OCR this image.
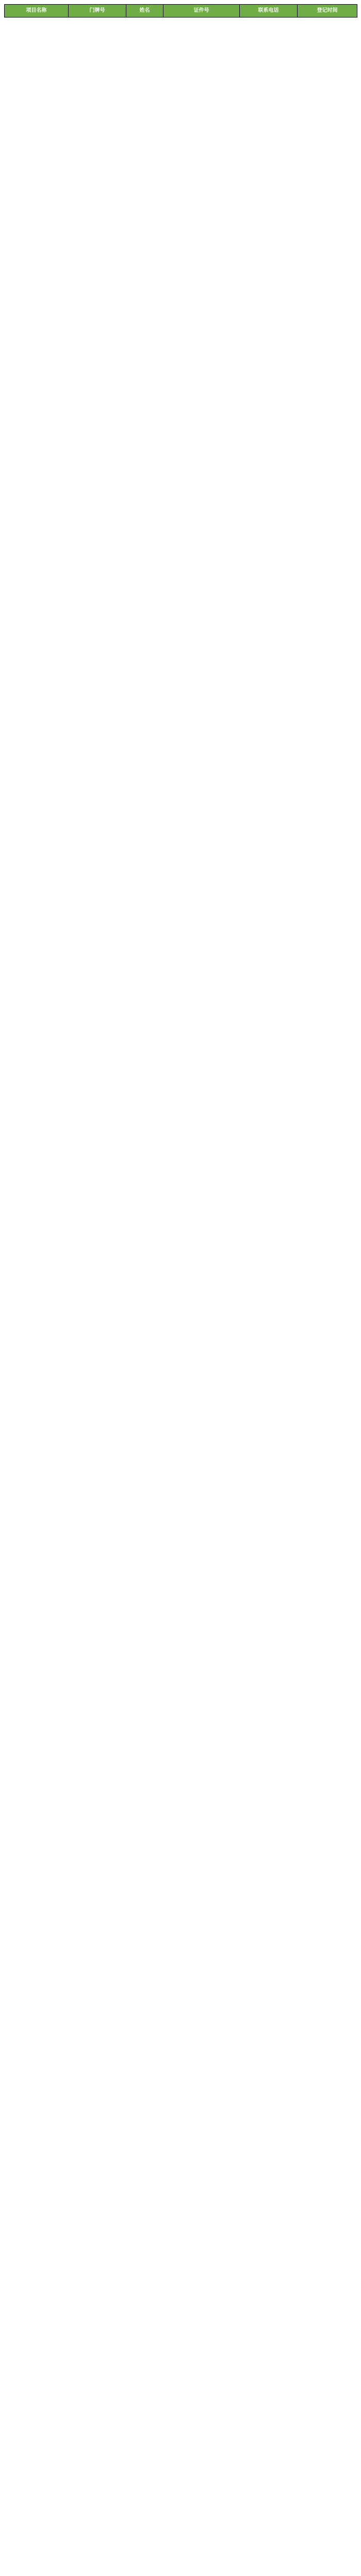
项目名称	门牌号	姓名	证件号	联系电话	登记时间
